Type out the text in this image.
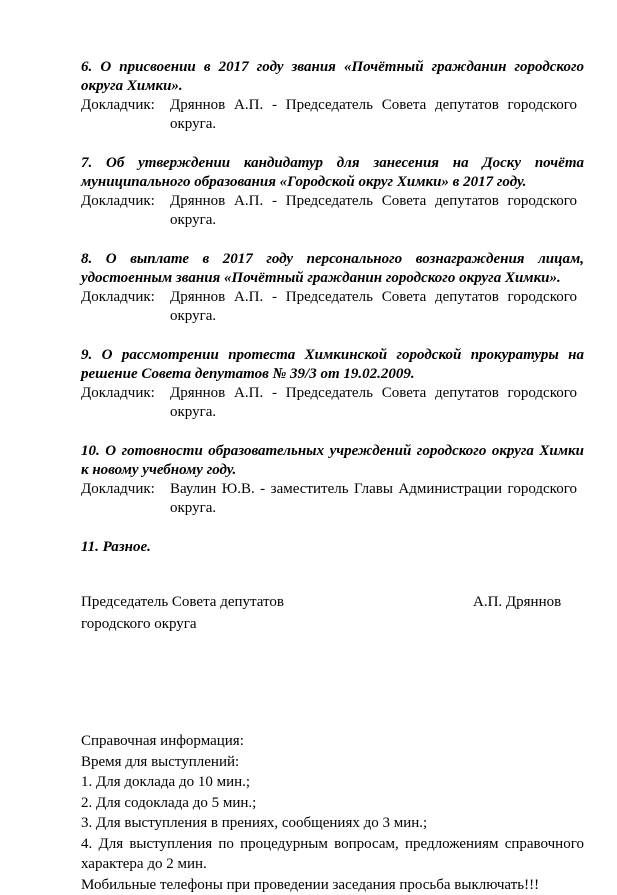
6. О присвоении в 2017 году звания «Почётный гражданин городского
округа Химки».
Докладчик:	Дряннов А.П. - Председатель Совета депутатов городского
округа.
7. Об утверждении кандидатур для занесения на Доску почёта
муниципального образования «Городской округ Химки» в 2017 году.
Докладчик:	Дряннов А.П. - Председатель Совета депутатов городского
округа.
8. О выплате в 2017 году персонального вознаграждения лицам,
удостоенным звания «Почётный гражданин городского округа Химки».
Докладчик:	Дряннов А.П. - Председатель Совета депутатов городского
округа.
9. О рассмотрении протеста Химкинской городской прокуратуры на
решение Совета депутатов № 39/3 от 19.02.2009.
Докладчик:	Дряннов А.П. - Председатель Совета депутатов городского
округа.
10. О готовности образовательных учреждений городского округа Химки
к новому учебному году.
Докладчик:	Ваулин Ю.В. - заместитель Главы Администрации городского
округа.
11. Разное.
Председатель Совета депутатов
городского округа
А.П. Дряннов
Справочная информация:
Время для выступлений:
1. Для доклада до 10 мин.;
2. Для содоклада до 5 мин.;
3. Для выступления в прениях, сообщениях до 3 мин.;
4. Для выступления по процедурным вопросам, предложениям справочного
характера до 2 мин.
Мобильные телефоны при проведении заседания просьба выключать!!!
